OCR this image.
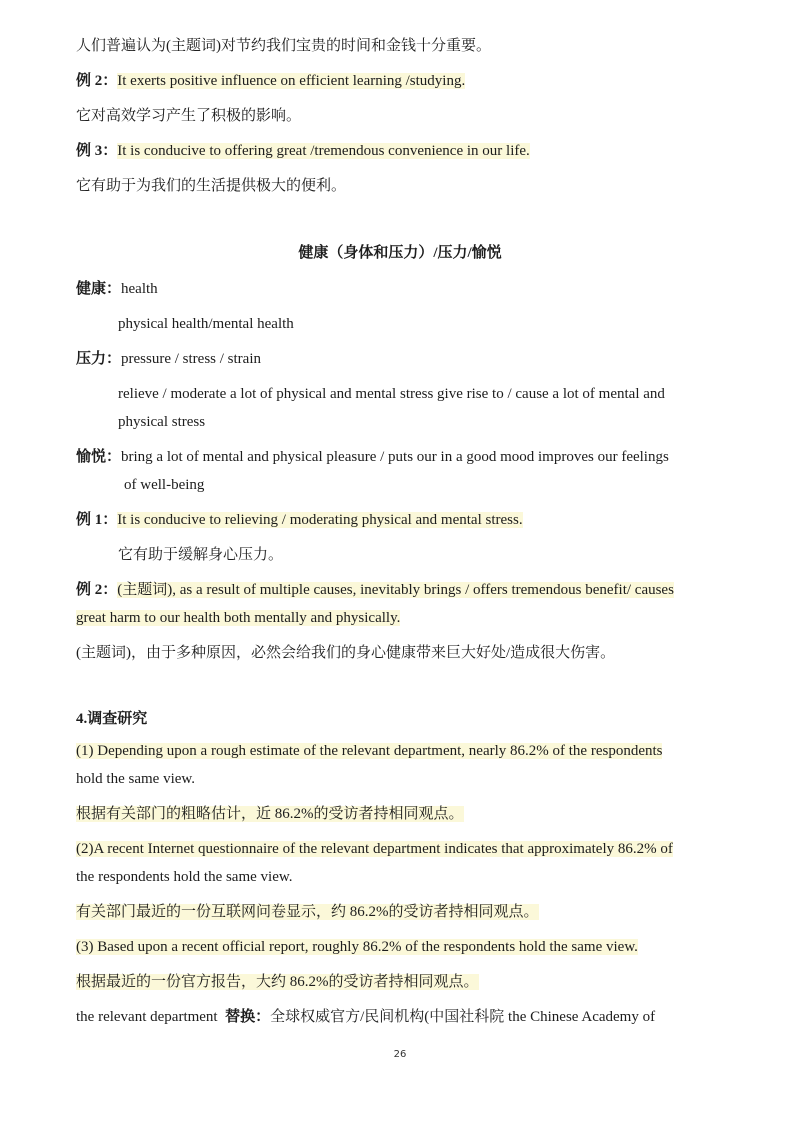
人们普遍认为(主题词)对节约我们宝贵的时间和金钱十分重要。
例 2：It exerts positive influence on efficient learning /studying.
它对高效学习产生了积极的影响。
例 3：It is conducive to offering great /tremendous convenience in our life.
它有助于为我们的生活提供极大的便利。
健康（身体和压力）/压力/愉悦
健康：health
physical health/mental health
压力：pressure / stress / strain
relieve / moderate a lot of physical and mental stress give rise to / cause a lot of mental and
physical stress
愉悦：bring a lot of mental and physical pleasure / puts our in a good mood improves our feelings
of well-being
例 1：It is conducive to relieving / moderating physical and mental stress.
它有助于缓解身心压力。
例 2：(主题词), as a result of multiple causes, inevitably brings / offers tremendous benefit/ causes
great harm to our health both mentally and physically.
(主题词)，由于多种原因，必然会给我们的身心健康带来巨大好处/造成很大伤害。
4.调查研究
(1) Depending upon a rough estimate of the relevant department, nearly 86.2% of the respondents
hold the same view.
根据有关部门的粗略估计，近 86.2%的受访者持相同观点。
(2)A recent Internet questionnaire of the relevant department indicates that approximately 86.2% of
the respondents hold the same view.
有关部门最近的一份互联网问卷显示，约 86.2%的受访者持相同观点。
(3) Based upon a recent official report, roughly 86.2% of the respondents hold the same view.
根据最近的一份官方报告，大约 86.2%的受访者持相同观点。
the relevant department 替换：全球权威官方/民间机构(中国社科院 the Chinese Academy of
26
